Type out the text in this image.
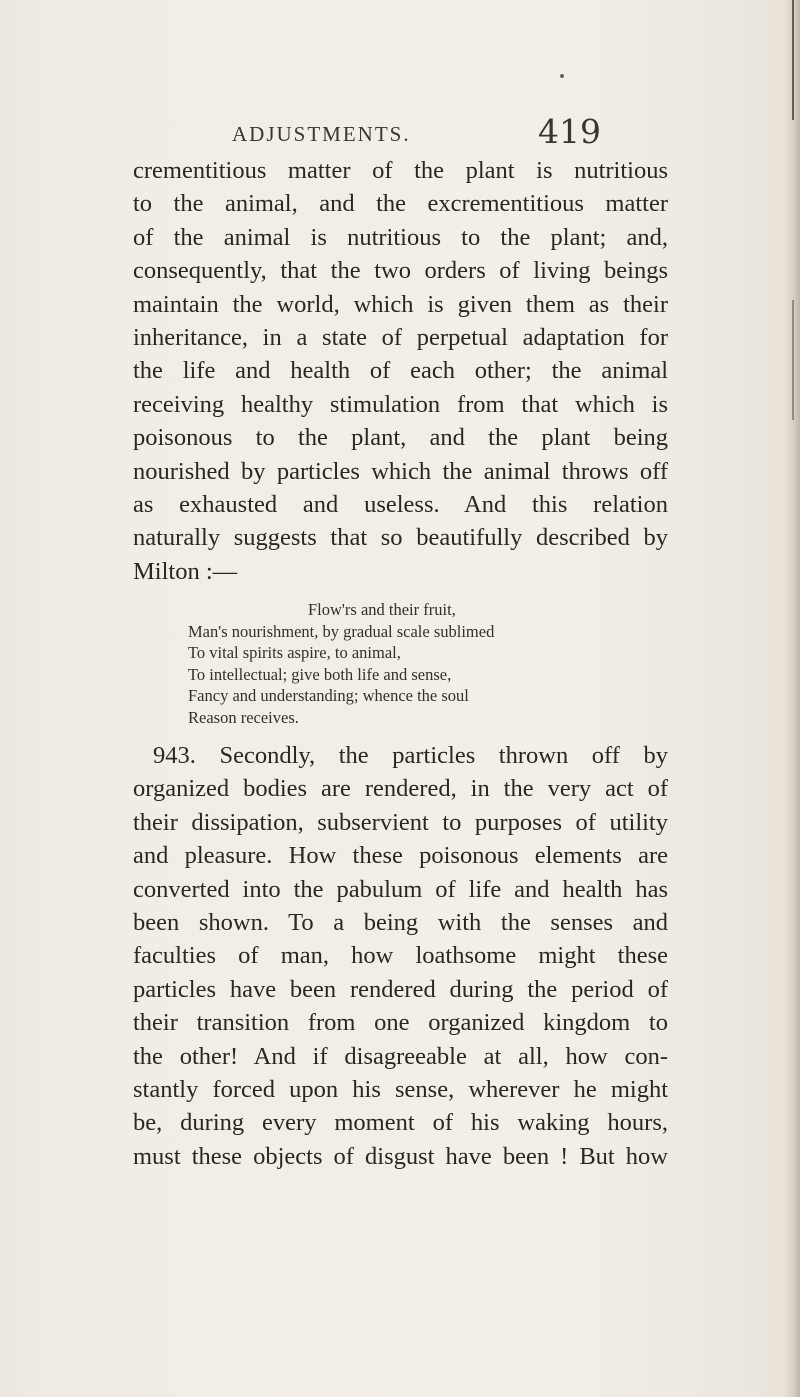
ADJUSTMENTS.	419
crementitious matter of the plant is nutritious
to the animal, and the excrementitious matter
of the animal is nutritious to the plant; and,
consequently, that the two orders of living beings
maintain the world, which is given them as their
inheritance, in a state of perpetual adaptation for
the life and health of each other; the animal
receiving healthy stimulation from that which is
poisonous to the plant, and the plant being
nourished by particles which the animal throws off
as exhausted and useless. And this relation
naturally suggests that so beautifully described by
Milton :—
Flow'rs and their fruit,
Man's nourishment, by gradual scale sublimed
To vital spirits aspire, to animal,
To intellectual; give both life and sense,
Fancy and understanding; whence the soul
Reason receives.
943. Secondly, the particles thrown off by
organized bodies are rendered, in the very act of
their dissipation, subservient to purposes of utility
and pleasure. How these poisonous elements are
converted into the pabulum of life and health has
been shown. To a being with the senses and
faculties of man, how loathsome might these
particles have been rendered during the period of
their transition from one organized kingdom to
the other! And if disagreeable at all, how con-
stantly forced upon his sense, wherever he might
be, during every moment of his waking hours,
must these objects of disgust have been ! But how
